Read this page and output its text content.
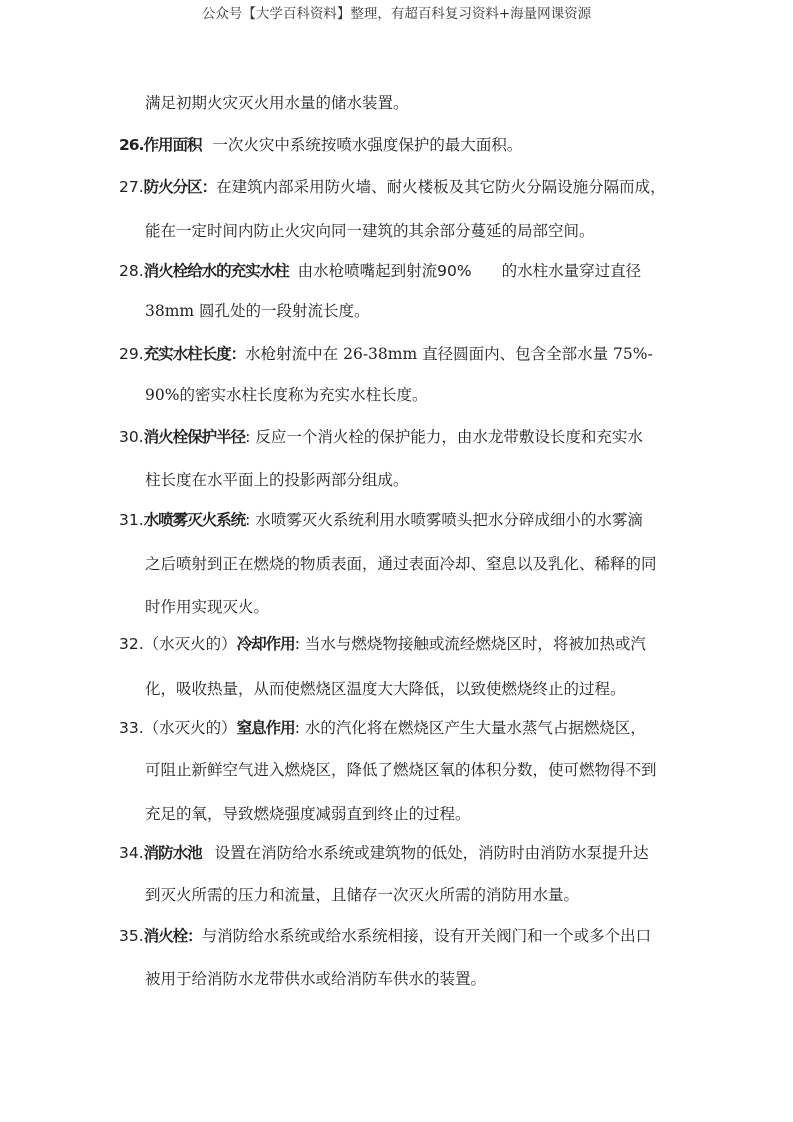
公众号【大学百科资料】整理，有超百科复习资料+海量网课资源
满足初期火灾灭火用水量的储水装置。
26.作用面积 一次火灾中系统按喷水强度保护的最大面积。
27.防火分区：在建筑内部采用防火墙、耐火楼板及其它防火分隔设施分隔而成，
能在一定时间内防止火灾向同一建筑的其余部分蔓延的局部空间。
28.消火栓给水的充实水柱 由水枪喷嘴起到射流90% 的水柱水量穿过直径
38mm 圆孔处的一段射流长度。
29.充实水柱长度：水枪射流中在 26-38mm 直径圆面内、包含全部水量 75%-
90%的密实水柱长度称为充实水柱长度。
30.消火栓保护半径: 反应一个消火栓的保护能力，由水龙带敷设长度和充实水
柱长度在水平面上的投影两部分组成。
31.水喷雾灭火系统: 水喷雾灭火系统利用水喷雾喷头把水分碎成细小的水雾滴
之后喷射到正在燃烧的物质表面，通过表面冷却、窒息以及乳化、稀释的同
时作用实现灭火。
32.（水灭火的）冷却作用: 当水与燃烧物接触或流经燃烧区时，将被加热或汽
化，吸收热量，从而使燃烧区温度大大降低，以致使燃烧终止的过程。
33.（水灭火的）窒息作用: 水的汽化将在燃烧区产生大量水蒸气占据燃烧区，
可阻止新鲜空气进入燃烧区，降低了燃烧区氧的体积分数，使可燃物得不到
充足的氧，导致燃烧强度减弱直到终止的过程。
34.消防水池 设置在消防给水系统或建筑物的低处，消防时由消防水泵提升达
到灭火所需的压力和流量，且储存一次灭火所需的消防用水量。
35.消火栓：与消防给水系统或给水系统相接，设有开关阀门和一个或多个出口
被用于给消防水龙带供水或给消防车供水的装置。
